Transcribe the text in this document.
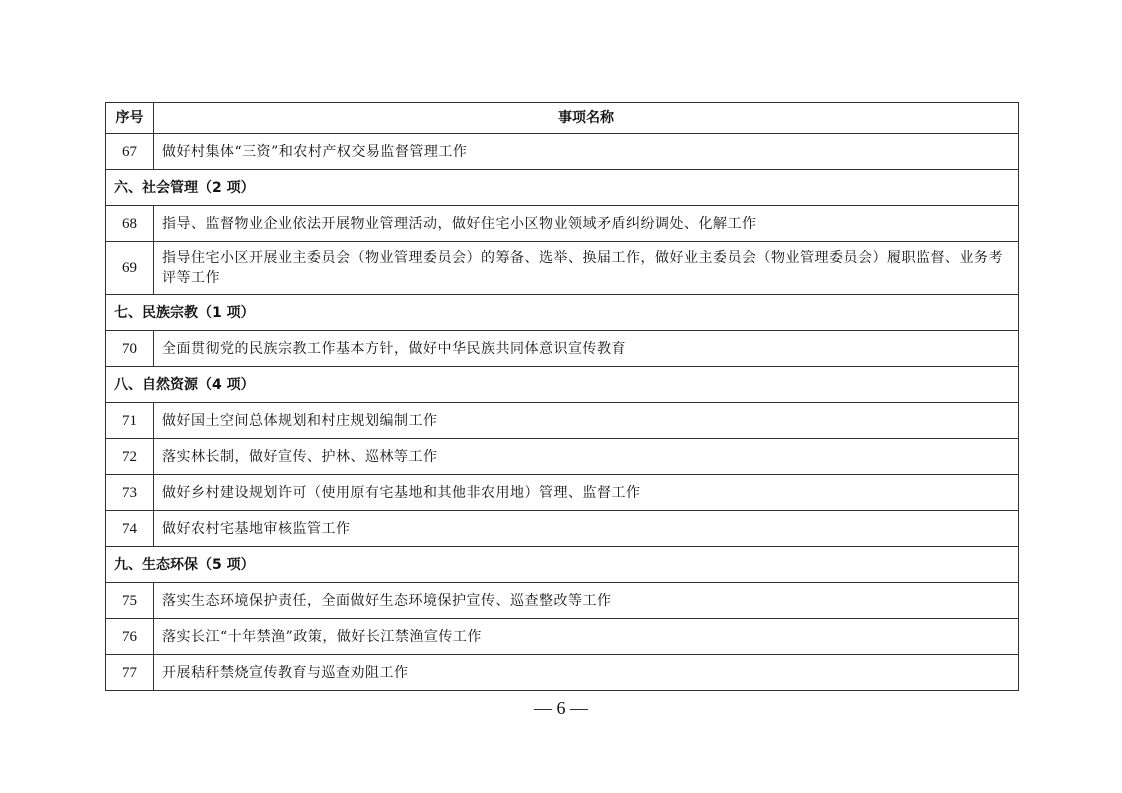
序号	事项名称
67	做好村集体“三资”和农村产权交易监督管理工作
六、社会管理（2 项）	
68	指导、监督物业企业依法开展物业管理活动，做好住宅小区物业领域矛盾纠纷调处、化解工作
69	指导住宅小区开展业主委员会（物业管理委员会）的筹备、选举、换届工作，做好业主委员会（物业管理委员会）履职监督、业务考评等工作
七、民族宗教（1 项）	
70	全面贯彻党的民族宗教工作基本方针，做好中华民族共同体意识宣传教育
八、自然资源（4 项）	
71	做好国土空间总体规划和村庄规划编制工作
72	落实林长制，做好宣传、护林、巡林等工作
73	做好乡村建设规划许可（使用原有宅基地和其他非农用地）管理、监督工作
74	做好农村宅基地审核监管工作
九、生态环保（5 项）	
75	落实生态环境保护责任，全面做好生态环境保护宣传、巡查整改等工作
76	落实长江“十年禁渔”政策，做好长江禁渔宣传工作
77	开展秸秆禁烧宣传教育与巡查劝阻工作
— 6 —
